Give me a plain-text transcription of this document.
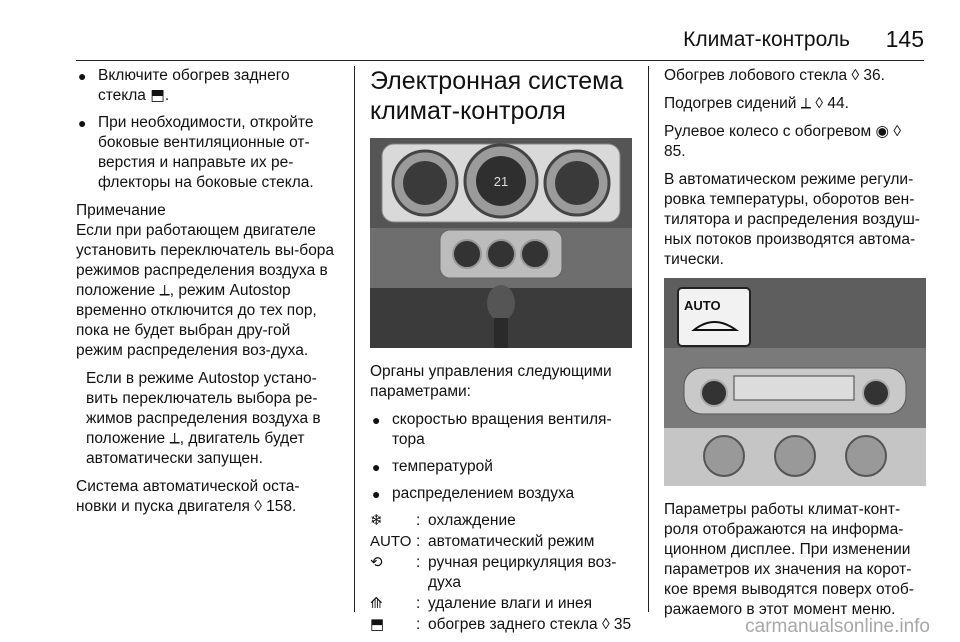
Климат-контроль 145
● Включите обогрев заднего стекла ⬒.
● При необходимости, откройте боковые вентиляционные от-верстия и направьте их ре-флекторы на боковые стекла.
Примечание

Если при работающем двигателе установить переключатель вы-бора режимов распределения воздуха в положение ⟂, режим Autostop временно отключится до тех пор, пока не будет выбран дру-гой режим распределения воз-духа.

Если в режиме Autostop устано-вить переключатель выбора ре-жимов распределения воздуха в положение ⟂, двигатель будет автоматически запущен.

Система автоматической оста-новки и пуска двигателя ◊ 158.

Электронная система климат-контроля
21

Органы управления следующими параметрами:

● скоростью вращения вентиля-тора
● температурой
● распределением воздуха
❄	: охлаждение
AUTO : автоматический режим
⟲	: ручная рециркуляция воз-духа
⟰	: удаление влаги и инея
⬒	: обогрев заднего стекла ◊ 35

Обогрев лобового стекла ◊ 36.

Подогрев сидений ⟂ ◊ 44.

Рулевое колесо с обогревом ◉ ◊ 85.

В автоматическом режиме регули-ровка температуры, оборотов вен-тилятора и распределения воздуш-ных потоков производятся автома-тически.

AUTO

Параметры работы климат-конт-роля отображаются на информа-ционном дисплее. При изменении параметров их значения на корот-кое время выводятся поверх отоб-ражаемого в этот момент меню.

carmanualsonline.info
